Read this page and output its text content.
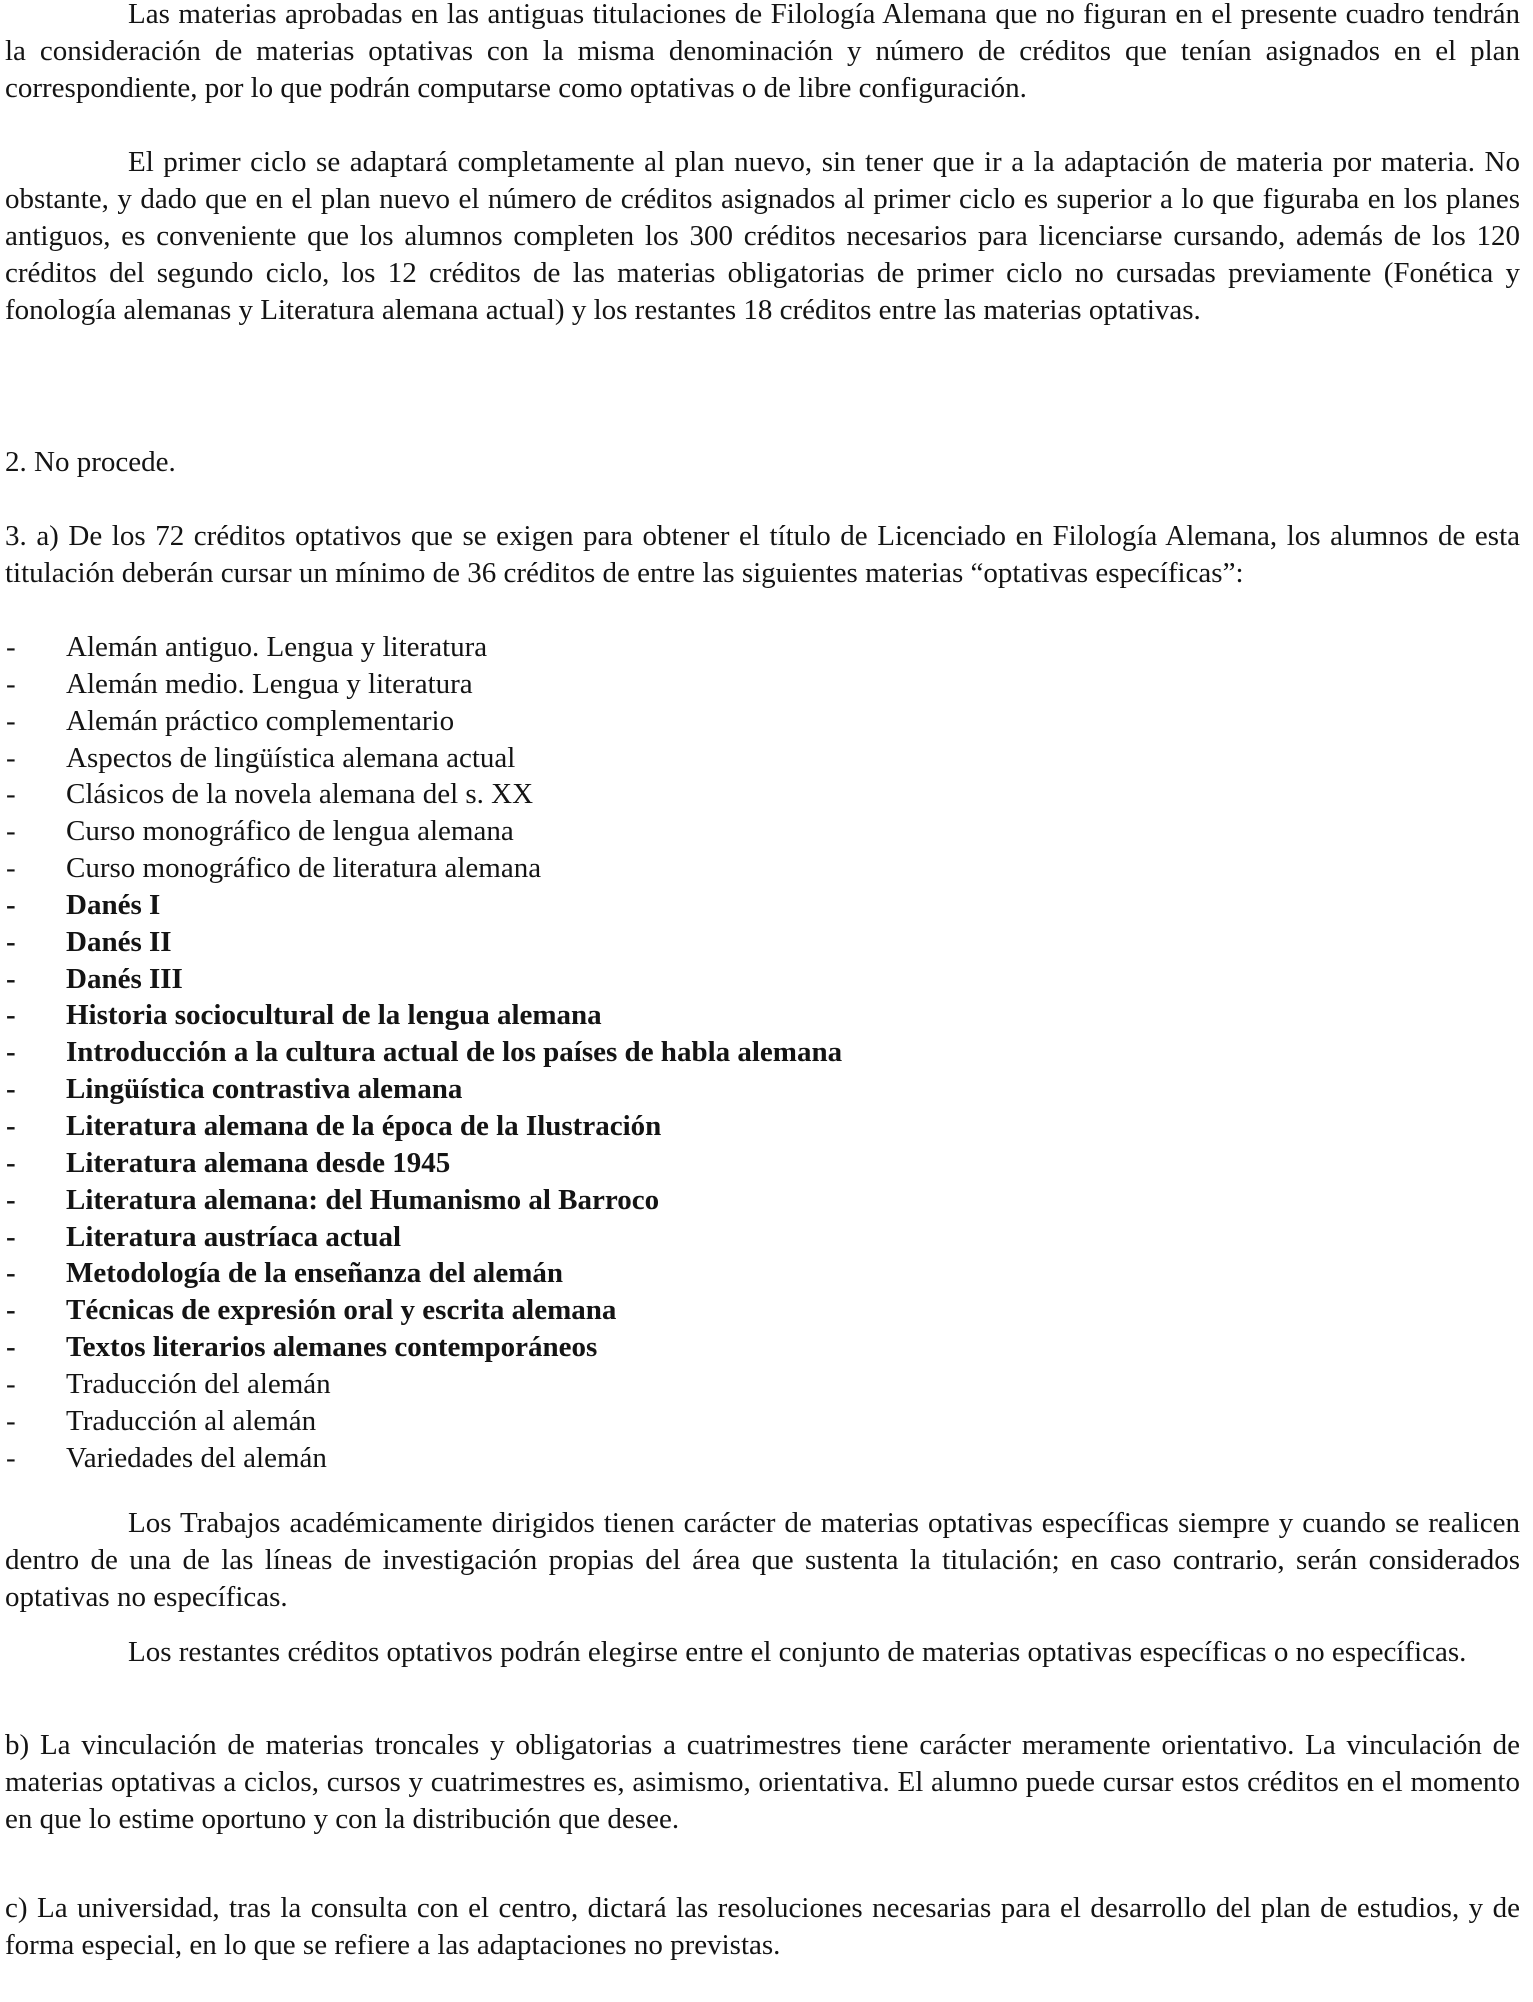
Las materias aprobadas en las antiguas titulaciones de Filología Alemana que no figuran en el presente cuadro tendrán la consideración de materias optativas con la misma denominación y número de créditos que tenían asignados en el plan correspondiente, por lo que podrán computarse como optativas o de libre configuración.

El primer ciclo se adaptará completamente al plan nuevo, sin tener que ir a la adaptación de materia por materia. No obstante, y dado que en el plan nuevo el número de créditos asignados al primer ciclo es superior a lo que figuraba en los planes antiguos, es conveniente que los alumnos completen los 300 créditos necesarios para licenciarse cursando, además de los 120 créditos del segundo ciclo, los 12 créditos de las materias obligatorias de primer ciclo no cursadas previamente (Fonética y fonología alemanas y Literatura alemana actual) y los restantes 18 créditos entre las materias optativas.

2. No procede.

3. a) De los 72 créditos optativos que se exigen para obtener el título de Licenciado en Filología Alemana, los alumnos de esta titulación deberán cursar un mínimo de 36 créditos de entre las siguientes materias “optativas específicas”:

- Alemán antiguo. Lengua y literatura
- Alemán medio. Lengua y literatura
- Alemán práctico complementario
- Aspectos de lingüística alemana actual
- Clásicos de la novela alemana del s. XX
- Curso monográfico de lengua alemana
- Curso monográfico de literatura alemana
- Danés I
- Danés II
- Danés III
- Historia sociocultural de la lengua alemana
- Introducción a la cultura actual de los países de habla alemana
- Lingüística contrastiva alemana
- Literatura alemana de la época de la Ilustración
- Literatura alemana desde 1945
- Literatura alemana: del Humanismo al Barroco
- Literatura austríaca actual
- Metodología de la enseñanza del alemán
- Técnicas de expresión oral y escrita alemana
- Textos literarios alemanes contemporáneos
- Traducción del alemán
- Traducción al alemán
- Variedades del alemán

Los Trabajos académicamente dirigidos tienen carácter de materias optativas específicas siempre y cuando se realicen dentro de una de las líneas de investigación propias del área que sustenta la titulación; en caso contrario, serán considerados optativas no específicas.

Los restantes créditos optativos podrán elegirse entre el conjunto de materias optativas específicas o no específicas.

b) La vinculación de materias troncales y obligatorias a cuatrimestres tiene carácter meramente orientativo. La vinculación de materias optativas a ciclos, cursos y cuatrimestres es, asimismo, orientativa. El alumno puede cursar estos créditos en el momento en que lo estime oportuno y con la distribución que desee.

c) La universidad, tras la consulta con el centro, dictará las resoluciones necesarias para el desarrollo del plan de estudios, y de forma especial, en lo que se refiere a las adaptaciones no previstas.
